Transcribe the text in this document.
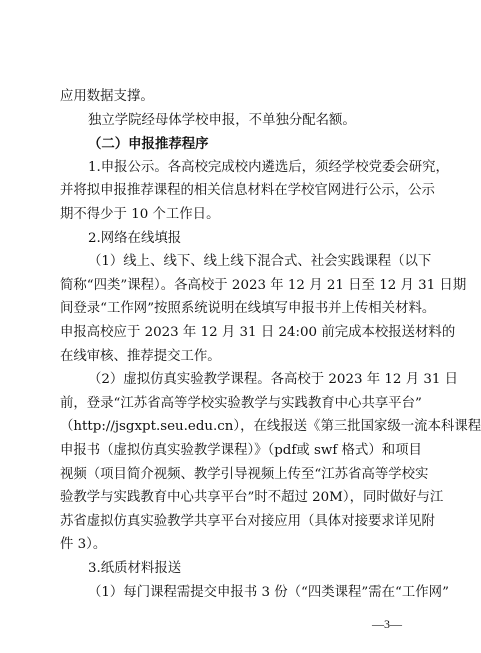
应用数据支撑。
独立学院经母体学校申报，不单独分配名额。
（二）申报推荐程序
1.申报公示。各高校完成校内遴选后，须经学校党委会研究，
并将拟申报推荐课程的相关信息材料在学校官网进行公示，公示
期不得少于 10 个工作日。
2.网络在线填报
（1）线上、线下、线上线下混合式、社会实践课程（以下
简称“四类”课程）。各高校于 2023 年 12 月 21 日至 12 月 31 日期
间登录“工作网”按照系统说明在线填写申报书并上传相关材料。
申报高校应于 2023 年 12 月 31 日 24:00 前完成本校报送材料的
在线审核、推荐提交工作。
（2）虚拟仿真实验教学课程。各高校于 2023 年 12 月 31 日
前，登录“江苏省高等学校实验教学与实践教育中心共享平台”
（http://jsgxpt.seu.edu.cn），在线报送《第三批国家级一流本科课程
申报书（虚拟仿真实验教学课程）》（pdf或 swf 格式）和项目
视频（项目简介视频、教学引导视频上传至“江苏省高等学校实
验教学与实践教育中心共享平台”时不超过 20M），同时做好与江
苏省虚拟仿真实验教学共享平台对接应用（具体对接要求详见附
件 3）。
3.纸质材料报送
（1）每门课程需提交申报书 3 份（“四类课程”需在“工作网”
—3—
